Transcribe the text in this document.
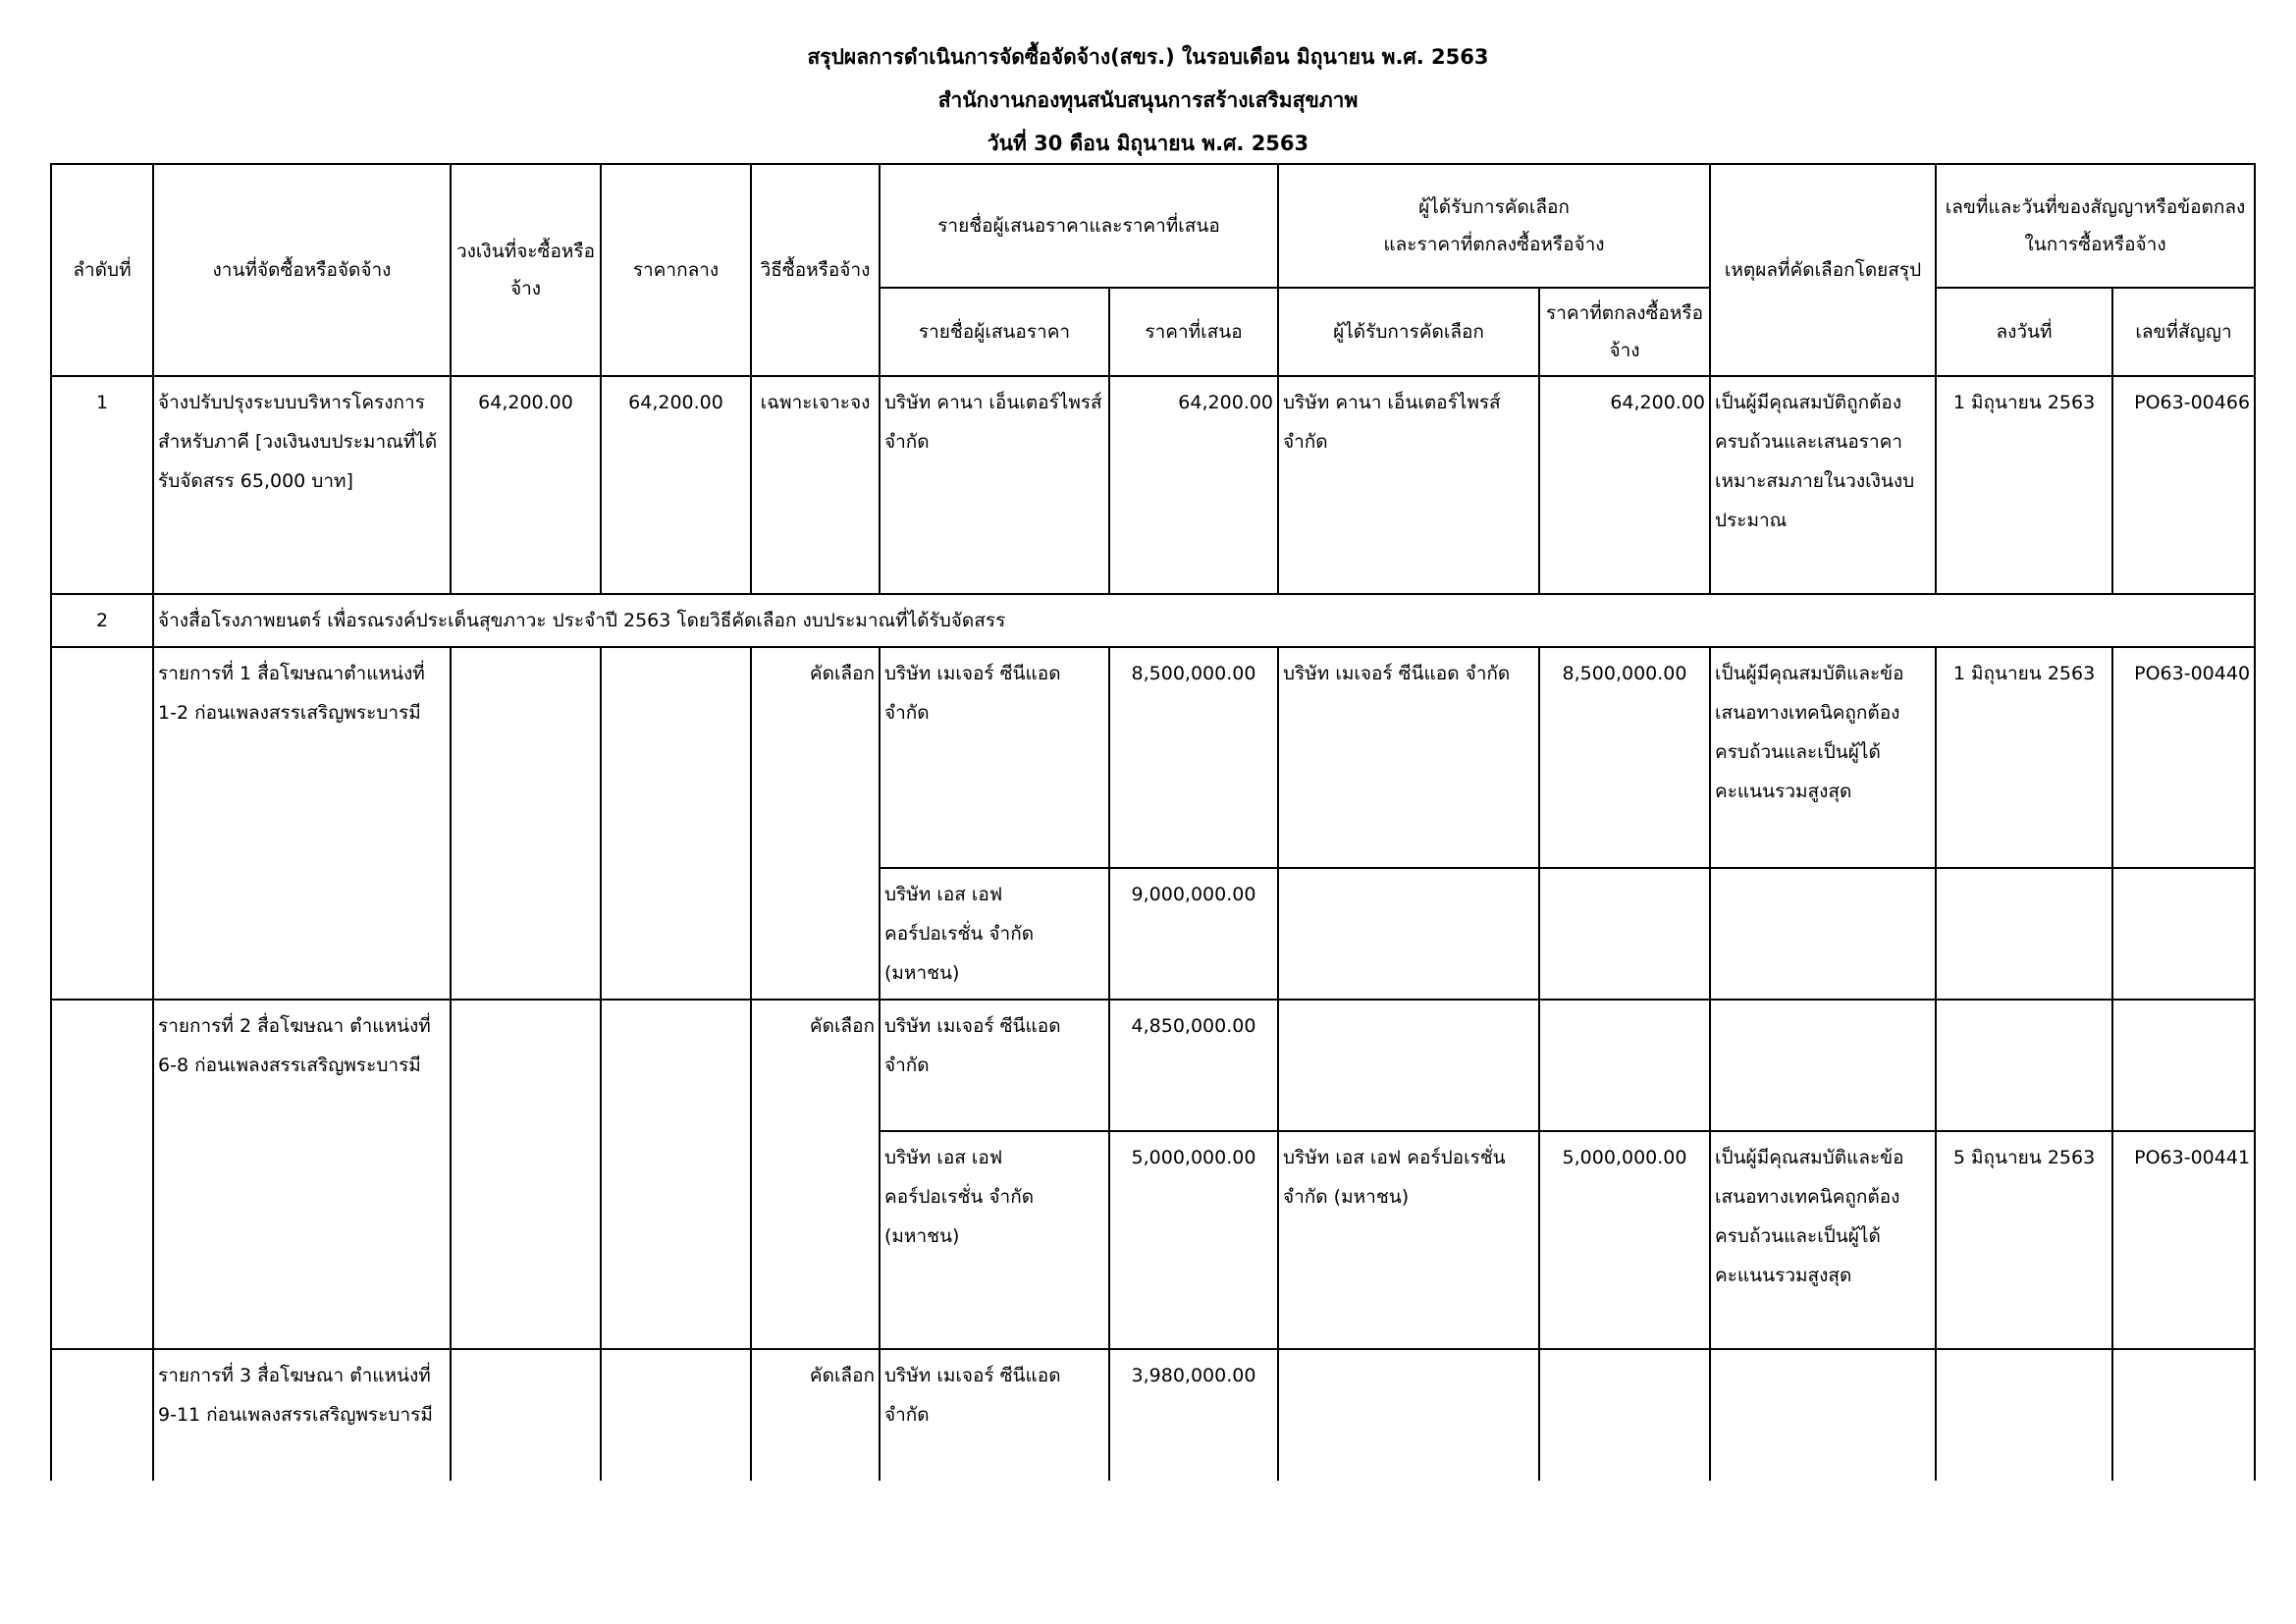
สรุปผลการดำเนินการจัดซื้อจัดจ้าง(สขร.) ในรอบเดือน มิถุนายน พ.ศ. 2563
สำนักงานกองทุนสนับสนุนการสร้างเสริมสุขภาพ
วันที่ 30 ดือน มิถุนายน พ.ศ. 2563
ลำดับที่	งานที่จัดซื้อหรือจัดจ้าง	วงเงินที่จะซื้อหรือจ้าง	ราคากลาง	วิธีซื้อหรือจ้าง	รายชื่อผู้เสนอราคาและราคาที่เสนอ		ผู้ได้รับการคัดเลือก
และราคาที่ตกลงซื้อหรือจ้าง		เหตุผลที่คัดเลือกโดยสรุป	เลขที่และวันที่ของสัญญาหรือข้อตกลงในการซื้อหรือจ้าง	
					รายชื่อผู้เสนอราคา	ราคาที่เสนอ	ผู้ได้รับการคัดเลือก	ราคาที่ตกลงซื้อหรือจ้าง		ลงวันที่	เลขที่สัญญา
1	จ้างปรับปรุงระบบบริหารโครงการสำหรับภาคี [วงเงินงบประมาณที่ได้รับจัดสรร 65,000 บาท]	64,200.00	64,200.00	เฉพาะเจาะจง	บริษัท คานา เอ็นเตอร์ไพรส์ จำกัด	64,200.00	บริษัท คานา เอ็นเตอร์ไพรส์ จำกัด	64,200.00	เป็นผู้มีคุณสมบัติถูกต้องครบถ้วนและเสนอราคาเหมาะสมภายในวงเงินงบประมาณ	1 มิถุนายน 2563	PO63-00466
2	จ้างสื่อโรงภาพยนตร์ เพื่อรณรงค์ประเด็นสุขภาวะ ประจำปี 2563 โดยวิธีคัดเลือก งบประมาณที่ได้รับจัดสรร										
	รายการที่ 1 สื่อโฆษณาตำแหน่งที่ 1-2 ก่อนเพลงสรรเสริญพระบารมี			คัดเลือก	บริษัท เมเจอร์ ซีนีแอด จำกัด	8,500,000.00	บริษัท เมเจอร์ ซีนีแอด จำกัด	8,500,000.00	เป็นผู้มีคุณสมบัติและข้อเสนอทางเทคนิคถูกต้องครบถ้วนและเป็นผู้ได้คะแนนรวมสูงสุด	1 มิถุนายน 2563	PO63-00440
					บริษัท เอส เอฟ คอร์ปอเรชั่น จำกัด (มหาชน)	9,000,000.00					
	รายการที่ 2 สื่อโฆษณา ตำแหน่งที่ 6-8 ก่อนเพลงสรรเสริญพระบารมี			คัดเลือก	บริษัท เมเจอร์ ซีนีแอด จำกัด	4,850,000.00					
					บริษัท เอส เอฟ คอร์ปอเรชั่น จำกัด (มหาชน)	5,000,000.00	บริษัท เอส เอฟ คอร์ปอเรชั่น จำกัด (มหาชน)	5,000,000.00	เป็นผู้มีคุณสมบัติและข้อเสนอทางเทคนิคถูกต้องครบถ้วนและเป็นผู้ได้คะแนนรวมสูงสุด	5 มิถุนายน 2563	PO63-00441
	รายการที่ 3 สื่อโฆษณา ตำแหน่งที่ 9-11 ก่อนเพลงสรรเสริญพระบารมี			คัดเลือก	บริษัท เมเจอร์ ซีนีแอด จำกัด	3,980,000.00					
